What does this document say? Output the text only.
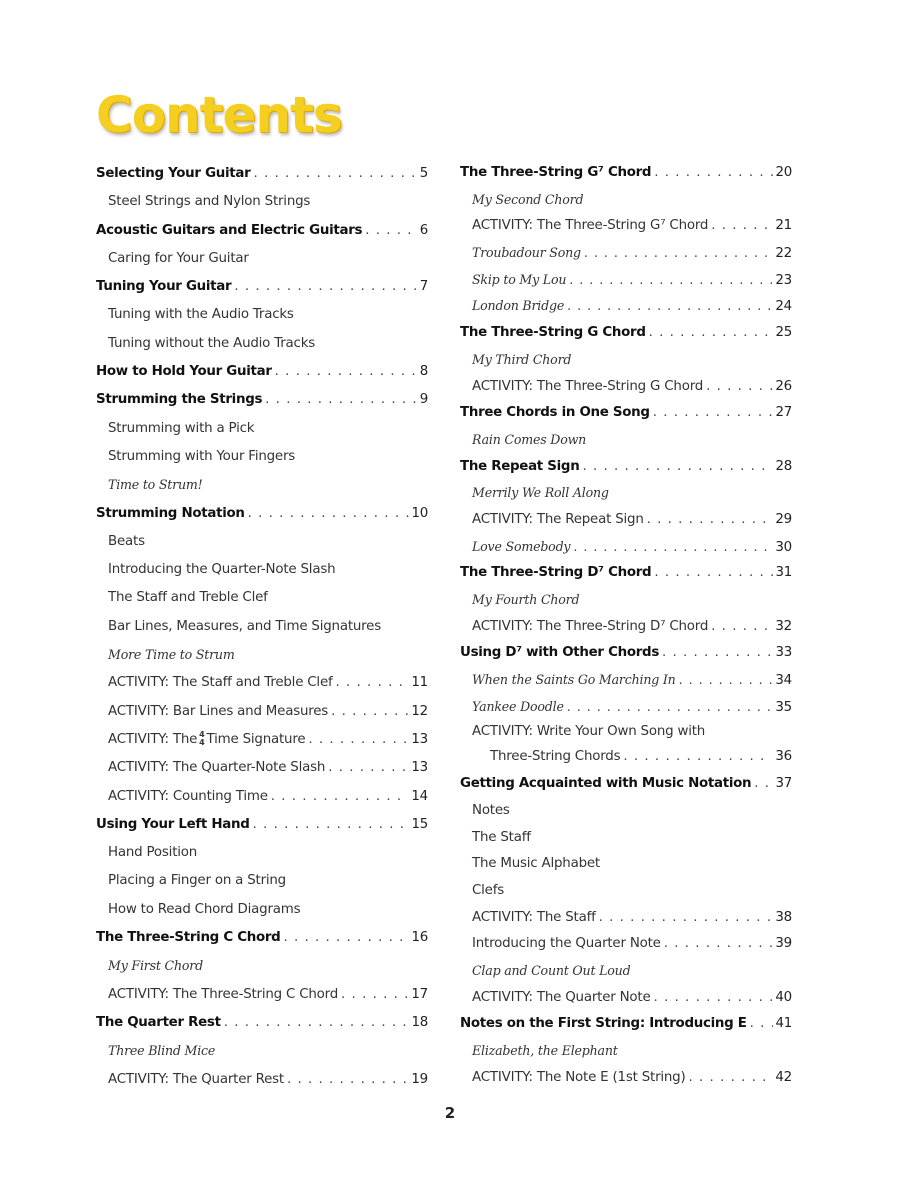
Contents
Selecting Your Guitar . . .	5
Steel Strings and Nylon Strings
Acoustic Guitars and Electric Guitars . . .	6
Caring for Your Guitar
Tuning Your Guitar . . .	7
Tuning with the Audio Tracks
Tuning without the Audio Tracks
How to Hold Your Guitar . . .	8
Strumming the Strings . . .	9
Strumming with a Pick
Strumming with Your Fingers
Time to Strum!
Strumming Notation . . .	10
Beats
Introducing the Quarter-Note Slash
The Staff and Treble Clef
Bar Lines, Measures, and Time Signatures
More Time to Strum
ACTIVITY: The Staff and Treble Clef . . .	11
ACTIVITY: Bar Lines and Measures . . .	12
ACTIVITY: The 4
4 Time Signature . . .	13
ACTIVITY: The Quarter-Note Slash . . .	13
ACTIVITY: Counting Time . . .	14
Using Your Left Hand . . .	15
Hand Position
Placing a Finger on a String
How to Read Chord Diagrams
The Three-String C Chord . . .	16
My First Chord
ACTIVITY: The Three-String C Chord . . .	17
The Quarter Rest . . .	18
Three Blind Mice
ACTIVITY: The Quarter Rest . . .	19
The Three-String G⁷ Chord . . .	20
My Second Chord
ACTIVITY: The Three-String G⁷ Chord . . .	21
Troubadour Song . . .	22
Skip to My Lou . . .	23
London Bridge . . .	24
The Three-String G Chord . . .	25
My Third Chord
ACTIVITY: The Three-String G Chord . . .	26
Three Chords in One Song . . .	27
Rain Comes Down
The Repeat Sign . . .	28
Merrily We Roll Along
ACTIVITY: The Repeat Sign . . .	29
Love Somebody . . .	30
The Three-String D⁷ Chord . . .	31
My Fourth Chord
ACTIVITY: The Three-String D⁷ Chord . . .	32
Using D⁷ with Other Chords . . .	33
When the Saints Go Marching In . . .	34
Yankee Doodle . . .	35
ACTIVITY: Write Your Own Song with
Three-String Chords . . .	36
Getting Acquainted with Music Notation . . . 37
Notes
The Staff
The Music Alphabet
Clefs
ACTIVITY: The Staff . . .	38
Introducing the Quarter Note . . .	39
Clap and Count Out Loud
ACTIVITY: The Quarter Note . . .	40
Notes on the First String: Introducing E . . . 41
Elizabeth, the Elephant
ACTIVITY: The Note E (1st String) . . .	42
2
